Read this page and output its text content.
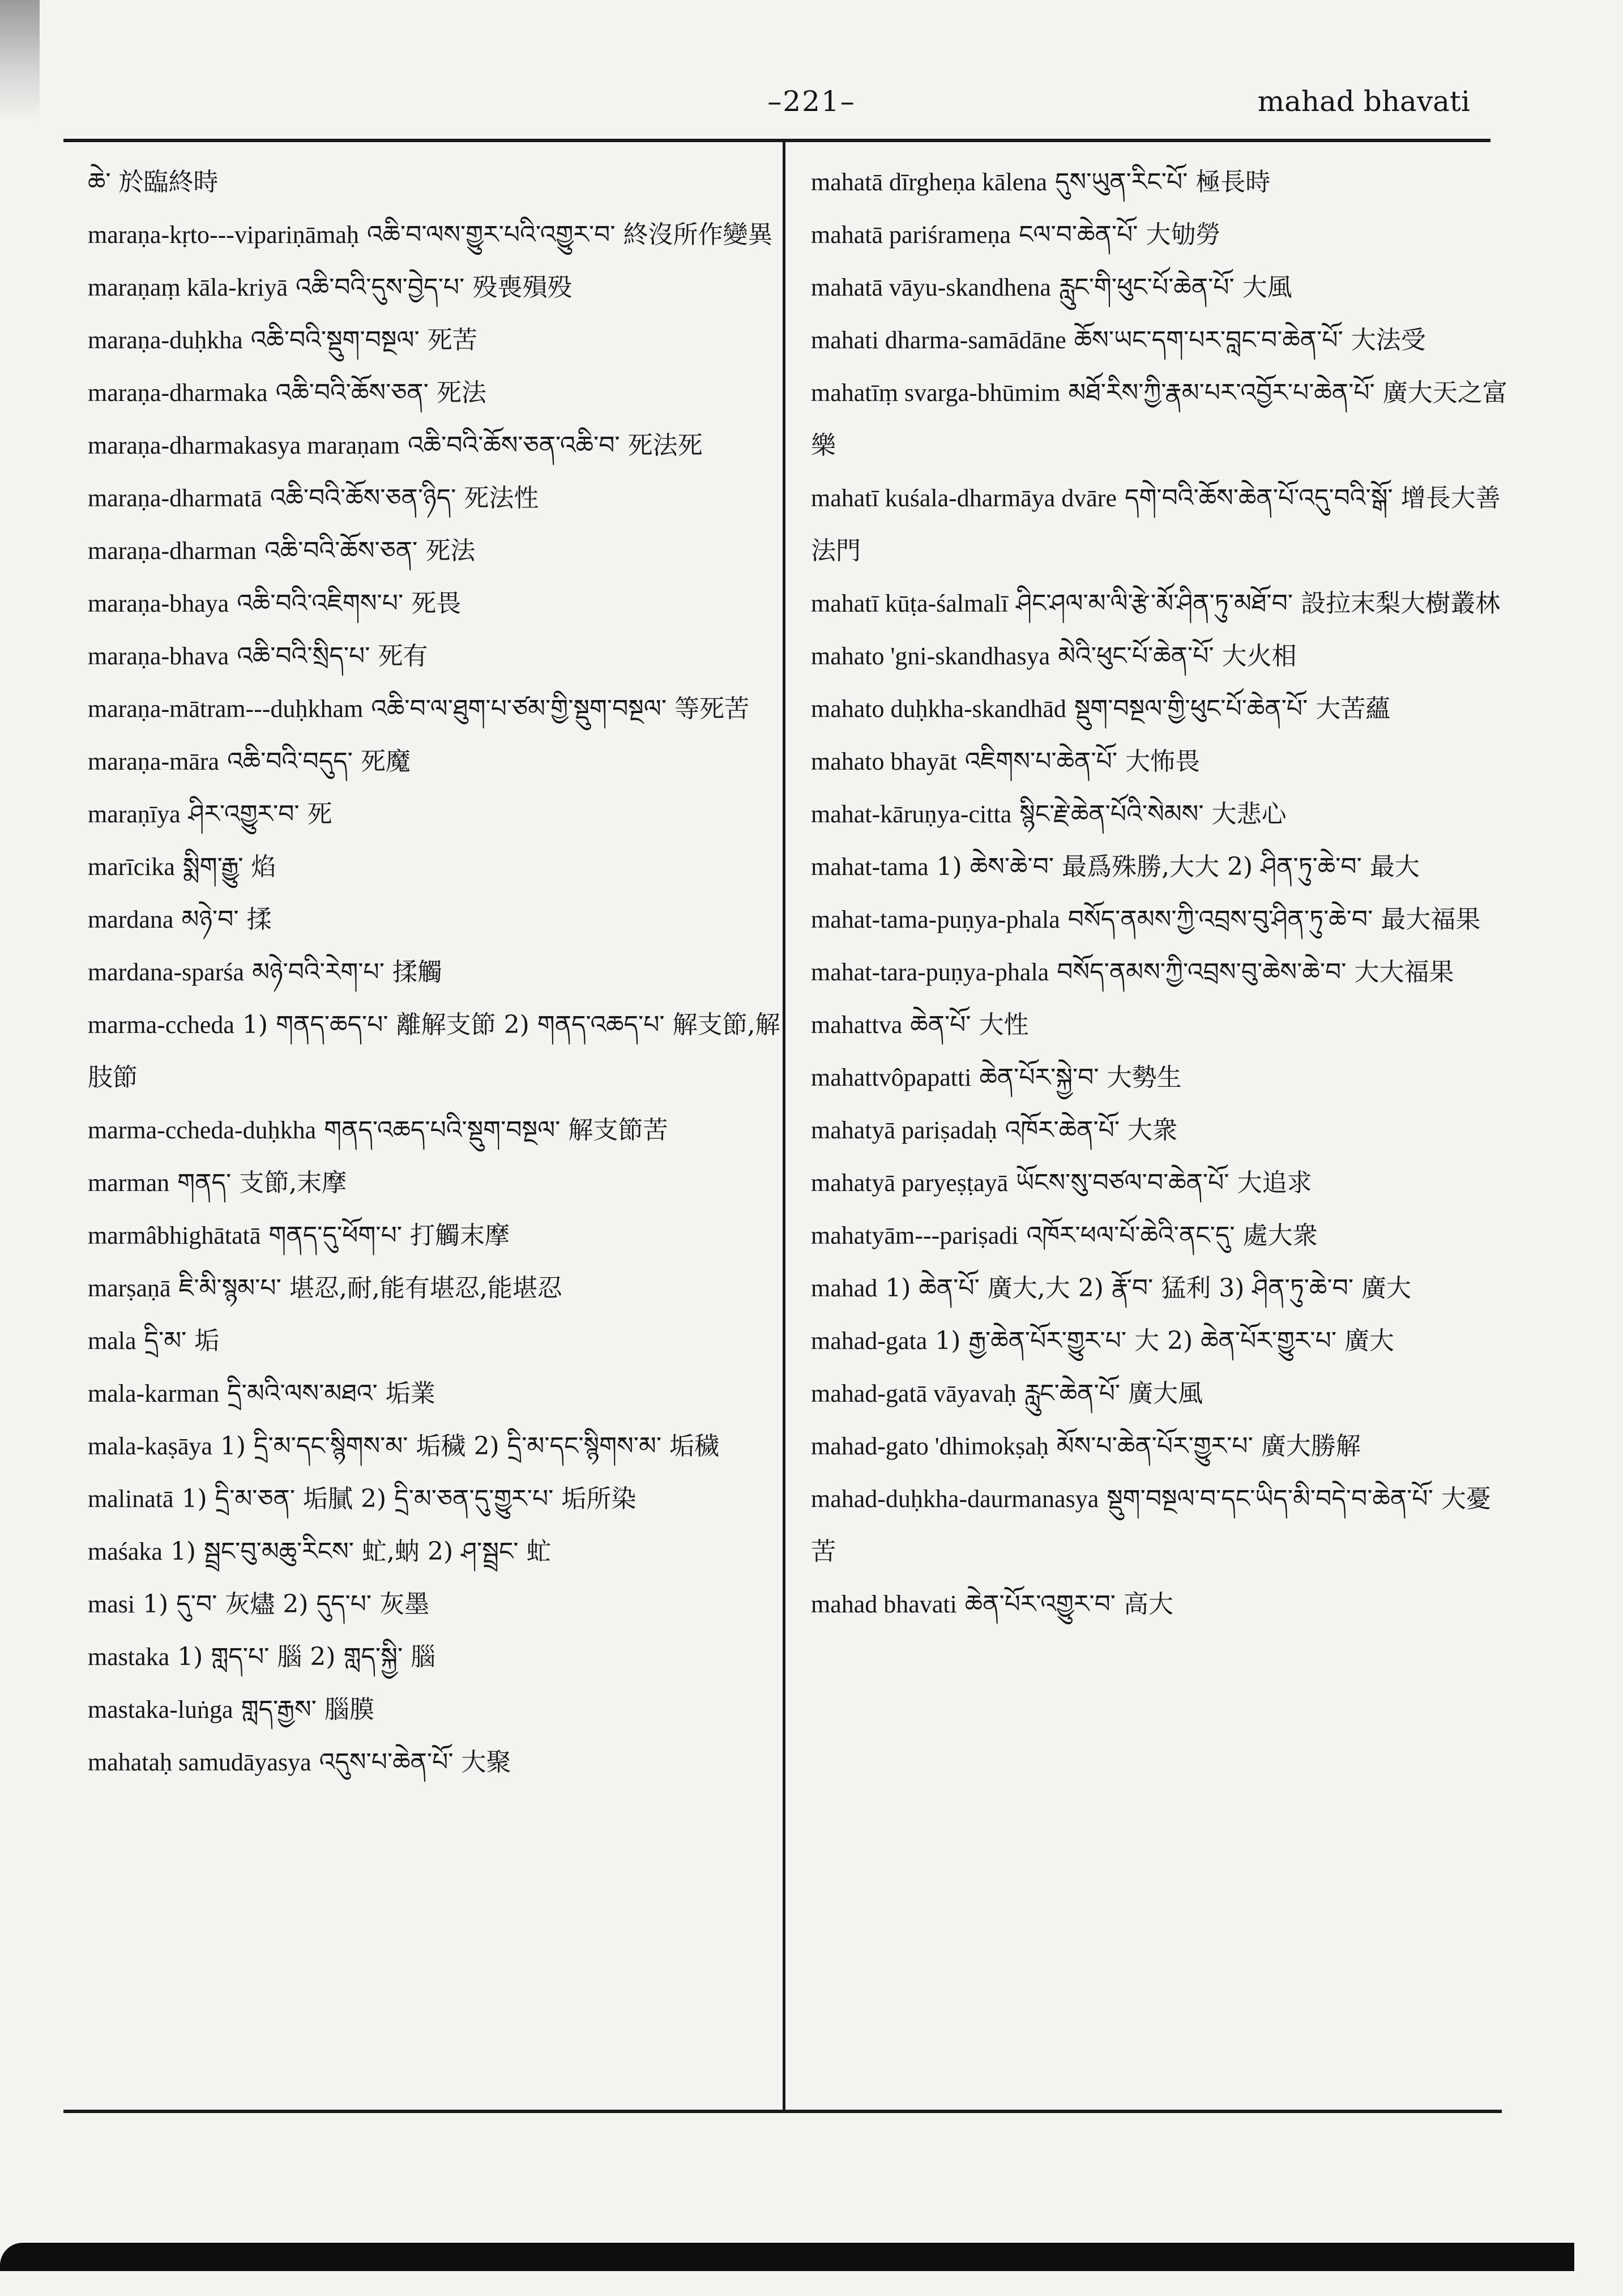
–221–	mahad bhavati

ཆེ་ 於臨終時

maraṇa-kṛto---vipariṇāmaḥ འཆི་བ་ལས་གྱུར་པའི་འགྱུར་བ་ 終沒所作變異

maraṇaṃ kāla-kriyā འཆི་བའི་དུས་བྱེད་པ་ 殁喪殞殁

maraṇa-duḥkha འཆི་བའི་སྡུག་བསྔལ་ 死苦

maraṇa-dharmaka འཆི་བའི་ཆོས་ཅན་ 死法

maraṇa-dharmakasya maraṇam འཆི་བའི་ཆོས་ཅན་འཆི་བ་ 死法死

maraṇa-dharmatā འཆི་བའི་ཆོས་ཅན་ཉིད་ 死法性

maraṇa-dharman འཆི་བའི་ཆོས་ཅན་ 死法

maraṇa-bhaya འཆི་བའི་འཇིགས་པ་ 死畏

maraṇa-bhava འཆི་བའི་སྲིད་པ་ 死有

maraṇa-mātram---duḥkham འཆི་བ་ལ་ཐུག་པ་ཙམ་གྱི་སྡུག་བསྔལ་ 等死苦

maraṇa-māra འཆི་བའི་བདུད་ 死魔

maraṇīya ཤིར་འགྱུར་བ་ 死

marīcika སྨིག་རྒྱུ་ 焰

mardana མཉེ་བ་ 揉

mardana-sparśa མཉེ་བའི་རེག་པ་ 揉觸

marma-ccheda 1) གནད་ཆད་པ་ 離解支節 2) གནད་འཆད་པ་ 解支節,解肢節

marma-ccheda-duḥkha གནད་འཆད་པའི་སྡུག་བསྔལ་ 解支節苦

marman གནད་ 支節,末摩

marmâbhighātatā གནད་དུ་ཕོག་པ་ 打觸末摩

marṣaṇā ཇི་མི་སྙམ་པ་ 堪忍,耐,能有堪忍,能堪忍

mala དྲི་མ་ 垢

mala-karman དྲི་མའི་ལས་མཐའ་ 垢業

mala-kaṣāya 1) དྲི་མ་དང་སྙིགས་མ་ 垢穢 2) དྲི་མ་དང་སྙིགས་མ་ 垢穢

malinatā 1) དྲི་མ་ཅན་ 垢膩 2) དྲི་མ་ཅན་དུ་གྱུར་པ་ 垢所染

maśaka 1) སྦྲང་བུ་མཆུ་རིངས་ 虻,蚋 2) ཤ་སྦྲང་ 虻

masi 1) དུ་བ་ 灰燼 2) དུད་པ་ 灰墨

mastaka 1) གླད་པ་ 腦 2) གླད་སྐྱི་ 腦

mastaka-luṅga གླད་རྒྱས་ 腦膜

mahataḥ samudāyasya འདུས་པ་ཆེན་པོ་ 大聚

mahatā dīrgheṇa kālena དུས་ཡུན་རིང་པོ་ 極長時

mahatā pariśrameṇa ངལ་བ་ཆེན་པོ་ 大劬勞

mahatā vāyu-skandhena རླུང་གི་ཕུང་པོ་ཆེན་པོ་ 大風

mahati dharma-samādāne ཆོས་ཡང་དག་པར་བླང་བ་ཆེན་པོ་ 大法受

mahatīṃ svarga-bhūmim མཐོ་རིས་ཀྱི་རྣམ་པར་འབྱོར་པ་ཆེན་པོ་ 廣大天之富樂

mahatī kuśala-dharmāya dvāre དགེ་བའི་ཆོས་ཆེན་པོ་འདུ་བའི་སྒོ་ 增長大善法門

mahatī kūṭa-śalmalī ཤིང་ཤལ་མ་ལི་རྩེ་མོ་ཤིན་ཏུ་མཐོ་བ་ 設拉末梨大樹叢林

mahato 'gni-skandhasya མེའི་ཕུང་པོ་ཆེན་པོ་ 大火相

mahato duḥkha-skandhād སྡུག་བསྔལ་གྱི་ཕུང་པོ་ཆེན་པོ་ 大苦蘊

mahato bhayāt འཇིགས་པ་ཆེན་པོ་ 大怖畏

mahat-kāruṇya-citta སྙིང་རྗེ་ཆེན་པོའི་སེམས་ 大悲心

mahat-tama 1) ཆེས་ཆེ་བ་ 最爲殊勝,大大 2) ཤིན་ཏུ་ཆེ་བ་ 最大

mahat-tama-puṇya-phala བསོད་ནམས་ཀྱི་འབྲས་བུ་ཤིན་ཏུ་ཆེ་བ་ 最大福果

mahat-tara-puṇya-phala བསོད་ནམས་ཀྱི་འབྲས་བུ་ཆེས་ཆེ་བ་ 大大福果

mahattva ཆེན་པོ་ 大性

mahattvôpapatti ཆེན་པོར་སྐྱེ་བ་ 大勢生

mahatyā pariṣadaḥ འཁོར་ཆེན་པོ་ 大衆

mahatyā paryeṣṭayā ཡོངས་སུ་བཙལ་བ་ཆེན་པོ་ 大追求

mahatyām---pariṣadi འཁོར་ཕལ་པོ་ཆེའི་ནང་དུ་ 處大衆

mahad 1) ཆེན་པོ་ 廣大,大 2) རྣོ་བ་ 猛利 3) ཤིན་ཏུ་ཆེ་བ་ 廣大

mahad-gata 1) རྒྱ་ཆེན་པོར་གྱུར་པ་ 大 2) ཆེན་པོར་གྱུར་པ་ 廣大

mahad-gatā vāyavaḥ རླུང་ཆེན་པོ་ 廣大風

mahad-gato 'dhimokṣaḥ མོས་པ་ཆེན་པོར་གྱུར་པ་ 廣大勝解

mahad-duḥkha-daurmanasya སྡུག་བསྔལ་བ་དང་ཡིད་མི་བདེ་བ་ཆེན་པོ་ 大憂苦

mahad bhavati ཆེན་པོར་འགྱུར་བ་ 高大
